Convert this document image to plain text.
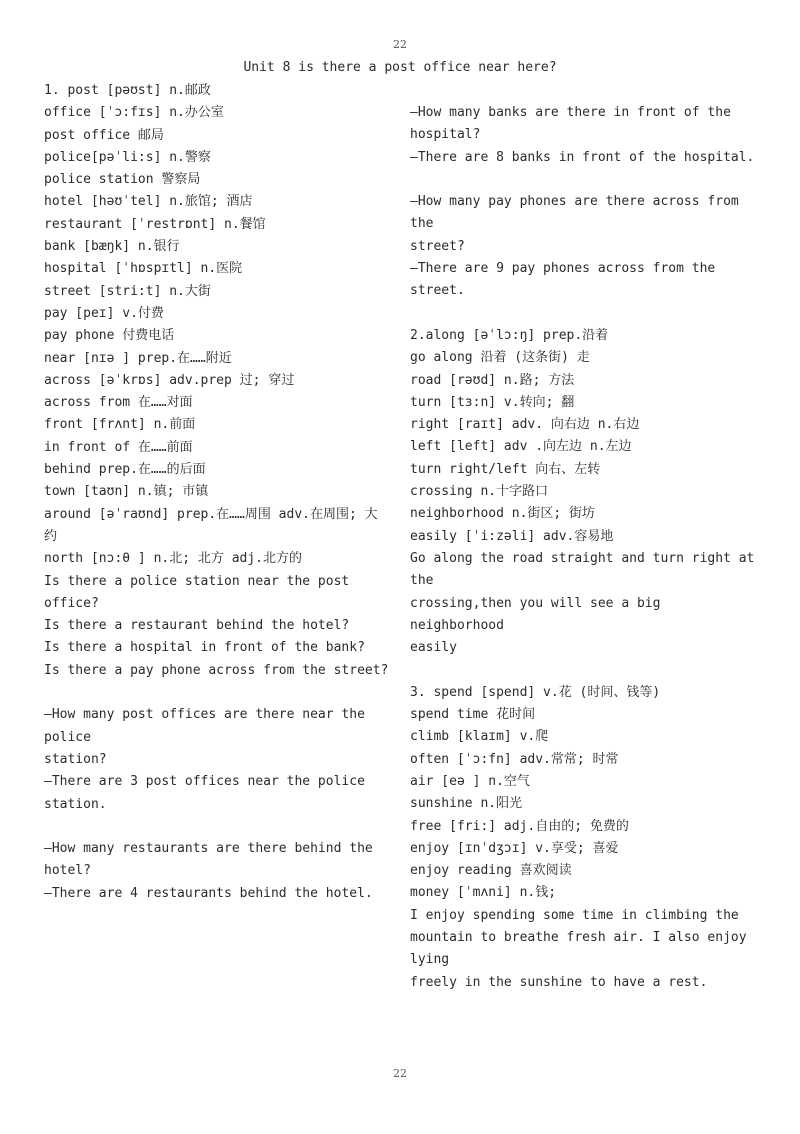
22
Unit 8 is there a post office near here?
1. post [pəʊst] n.邮政
office [ˈɔ:fɪs] n.办公室
post office 邮局
police[pəˈli:s] n.警察
police station 警察局
hotel [həʊˈtel] n.旅馆; 酒店
restaurant [ˈrestrɒnt] n.餐馆
bank [bæŋk] n.银行
hospital [ˈhɒspɪtl] n.医院
street [stri:t] n.大街
pay [peɪ] v.付费
pay phone 付费电话
near [nɪə ] prep.在……附近
across [əˈkrɒs] adv.prep 过; 穿过
across from 在……对面
front [frʌnt] n.前面
in front of 在……前面
behind prep.在……的后面
town [taʊn] n.镇; 市镇
around [əˈraʊnd] prep.在……周围 adv.在周围; 大
约
north [nɔ:θ ] n.北; 北方 adj.北方的
Is there a police station near the post
office?
Is there a restaurant behind the hotel?
Is there a hospital in front of the bank?
Is there a pay phone across from the street?
—How many post offices are there near the police
station?
—There are 3 post offices near the police
station.
—How many restaurants are there behind the
hotel?
—There are 4 restaurants behind the hotel.
—How many banks are there in front of the
hospital?
—There are 8 banks in front of the hospital.
—How many pay phones are there across from the
street?
—There are 9 pay phones across from the street.
2.along [əˈlɔ:ŋ] prep.沿着
go along 沿着 (这条街) 走
road [rəʊd] n.路; 方法
turn [tɜ:n] v.转向; 翻
right [raɪt] adv. 向右边 n.右边
left [left] adv .向左边 n.左边
turn right/left 向右、左转
crossing n.十字路口
neighborhood n.街区; 街坊
easily [ˈi:zəli] adv.容易地
Go along the road straight and turn right at the
crossing,then you will see a big neighborhood
easily
3. spend [spend] v.花 (时间、钱等)
spend time 花时间
climb [klaɪm] v.爬
often [ˈɔ:fn] adv.常常; 时常
air [eə ] n.空气
sunshine n.阳光
free [fri:] adj.自由的; 免费的
enjoy [ɪnˈdʒɔɪ] v.享受; 喜爱
enjoy reading 喜欢阅读
money [ˈmʌni] n.钱;
I enjoy spending some time in climbing the
mountain to breathe fresh air. I also enjoy lying
freely in the sunshine to have a rest.
22
